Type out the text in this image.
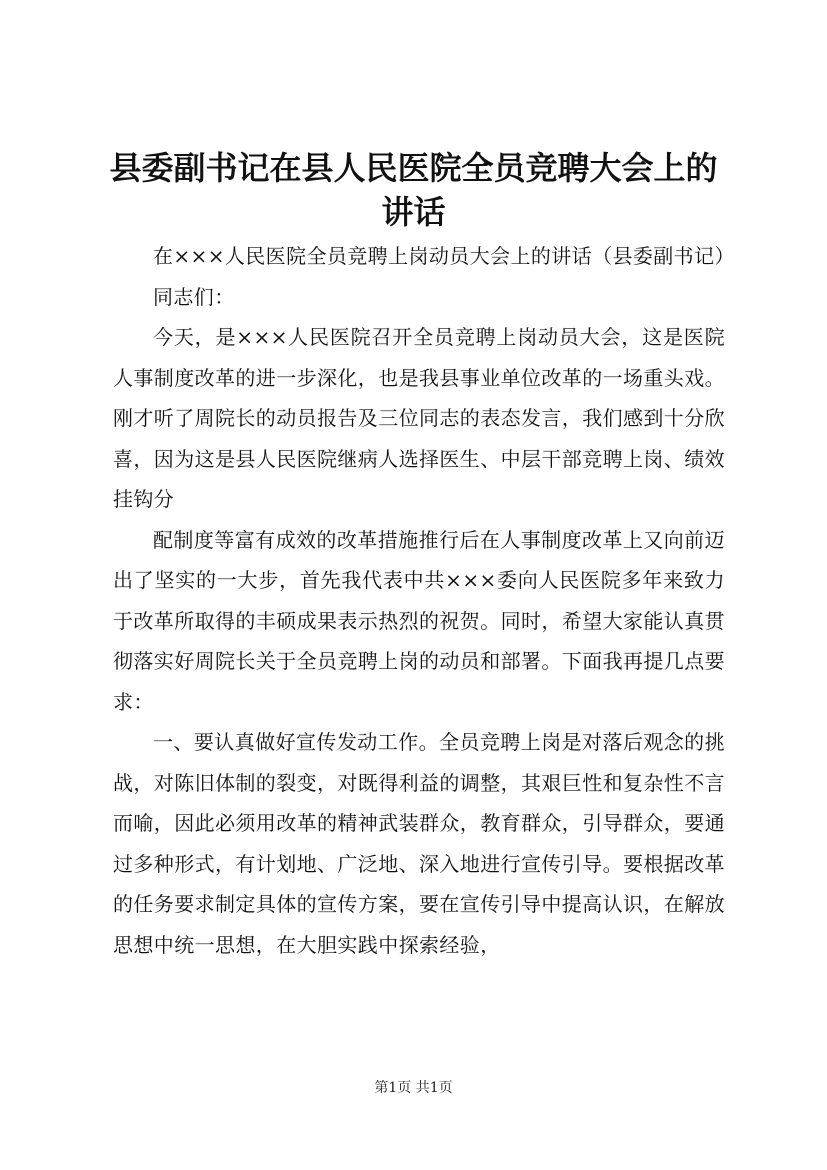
县委副书记在县人民医院全员竞聘大会上的讲话

在×××人民医院全员竞聘上岗动员大会上的讲话（县委副书记）

同志们：

今天，是×××人民医院召开全员竞聘上岗动员大会，这是医院人事制度改革的进一步深化，也是我县事业单位改革的一场重头戏。刚才听了周院长的动员报告及三位同志的表态发言，我们感到十分欣喜，因为这是县人民医院继病人选择医生、中层干部竞聘上岗、绩效挂钩分

配制度等富有成效的改革措施推行后在人事制度改革上又向前迈出了坚实的一大步，首先我代表中共×××委向人民医院多年来致力于改革所取得的丰硕成果表示热烈的祝贺。同时，希望大家能认真贯彻落实好周院长关于全员竞聘上岗的动员和部署。下面我再提几点要求：

一、要认真做好宣传发动工作。全员竞聘上岗是对落后观念的挑战，对陈旧体制的裂变，对既得利益的调整，其艰巨性和复杂性不言而喻，因此必须用改革的精神武装群众，教育群众，引导群众，要通过多种形式，有计划地、广泛地、深入地进行宣传引导。要根据改革的任务要求制定具体的宣传方案，要在宣传引导中提高认识，在解放思想中统一思想，在大胆实践中探索经验，

第1页 共1页
